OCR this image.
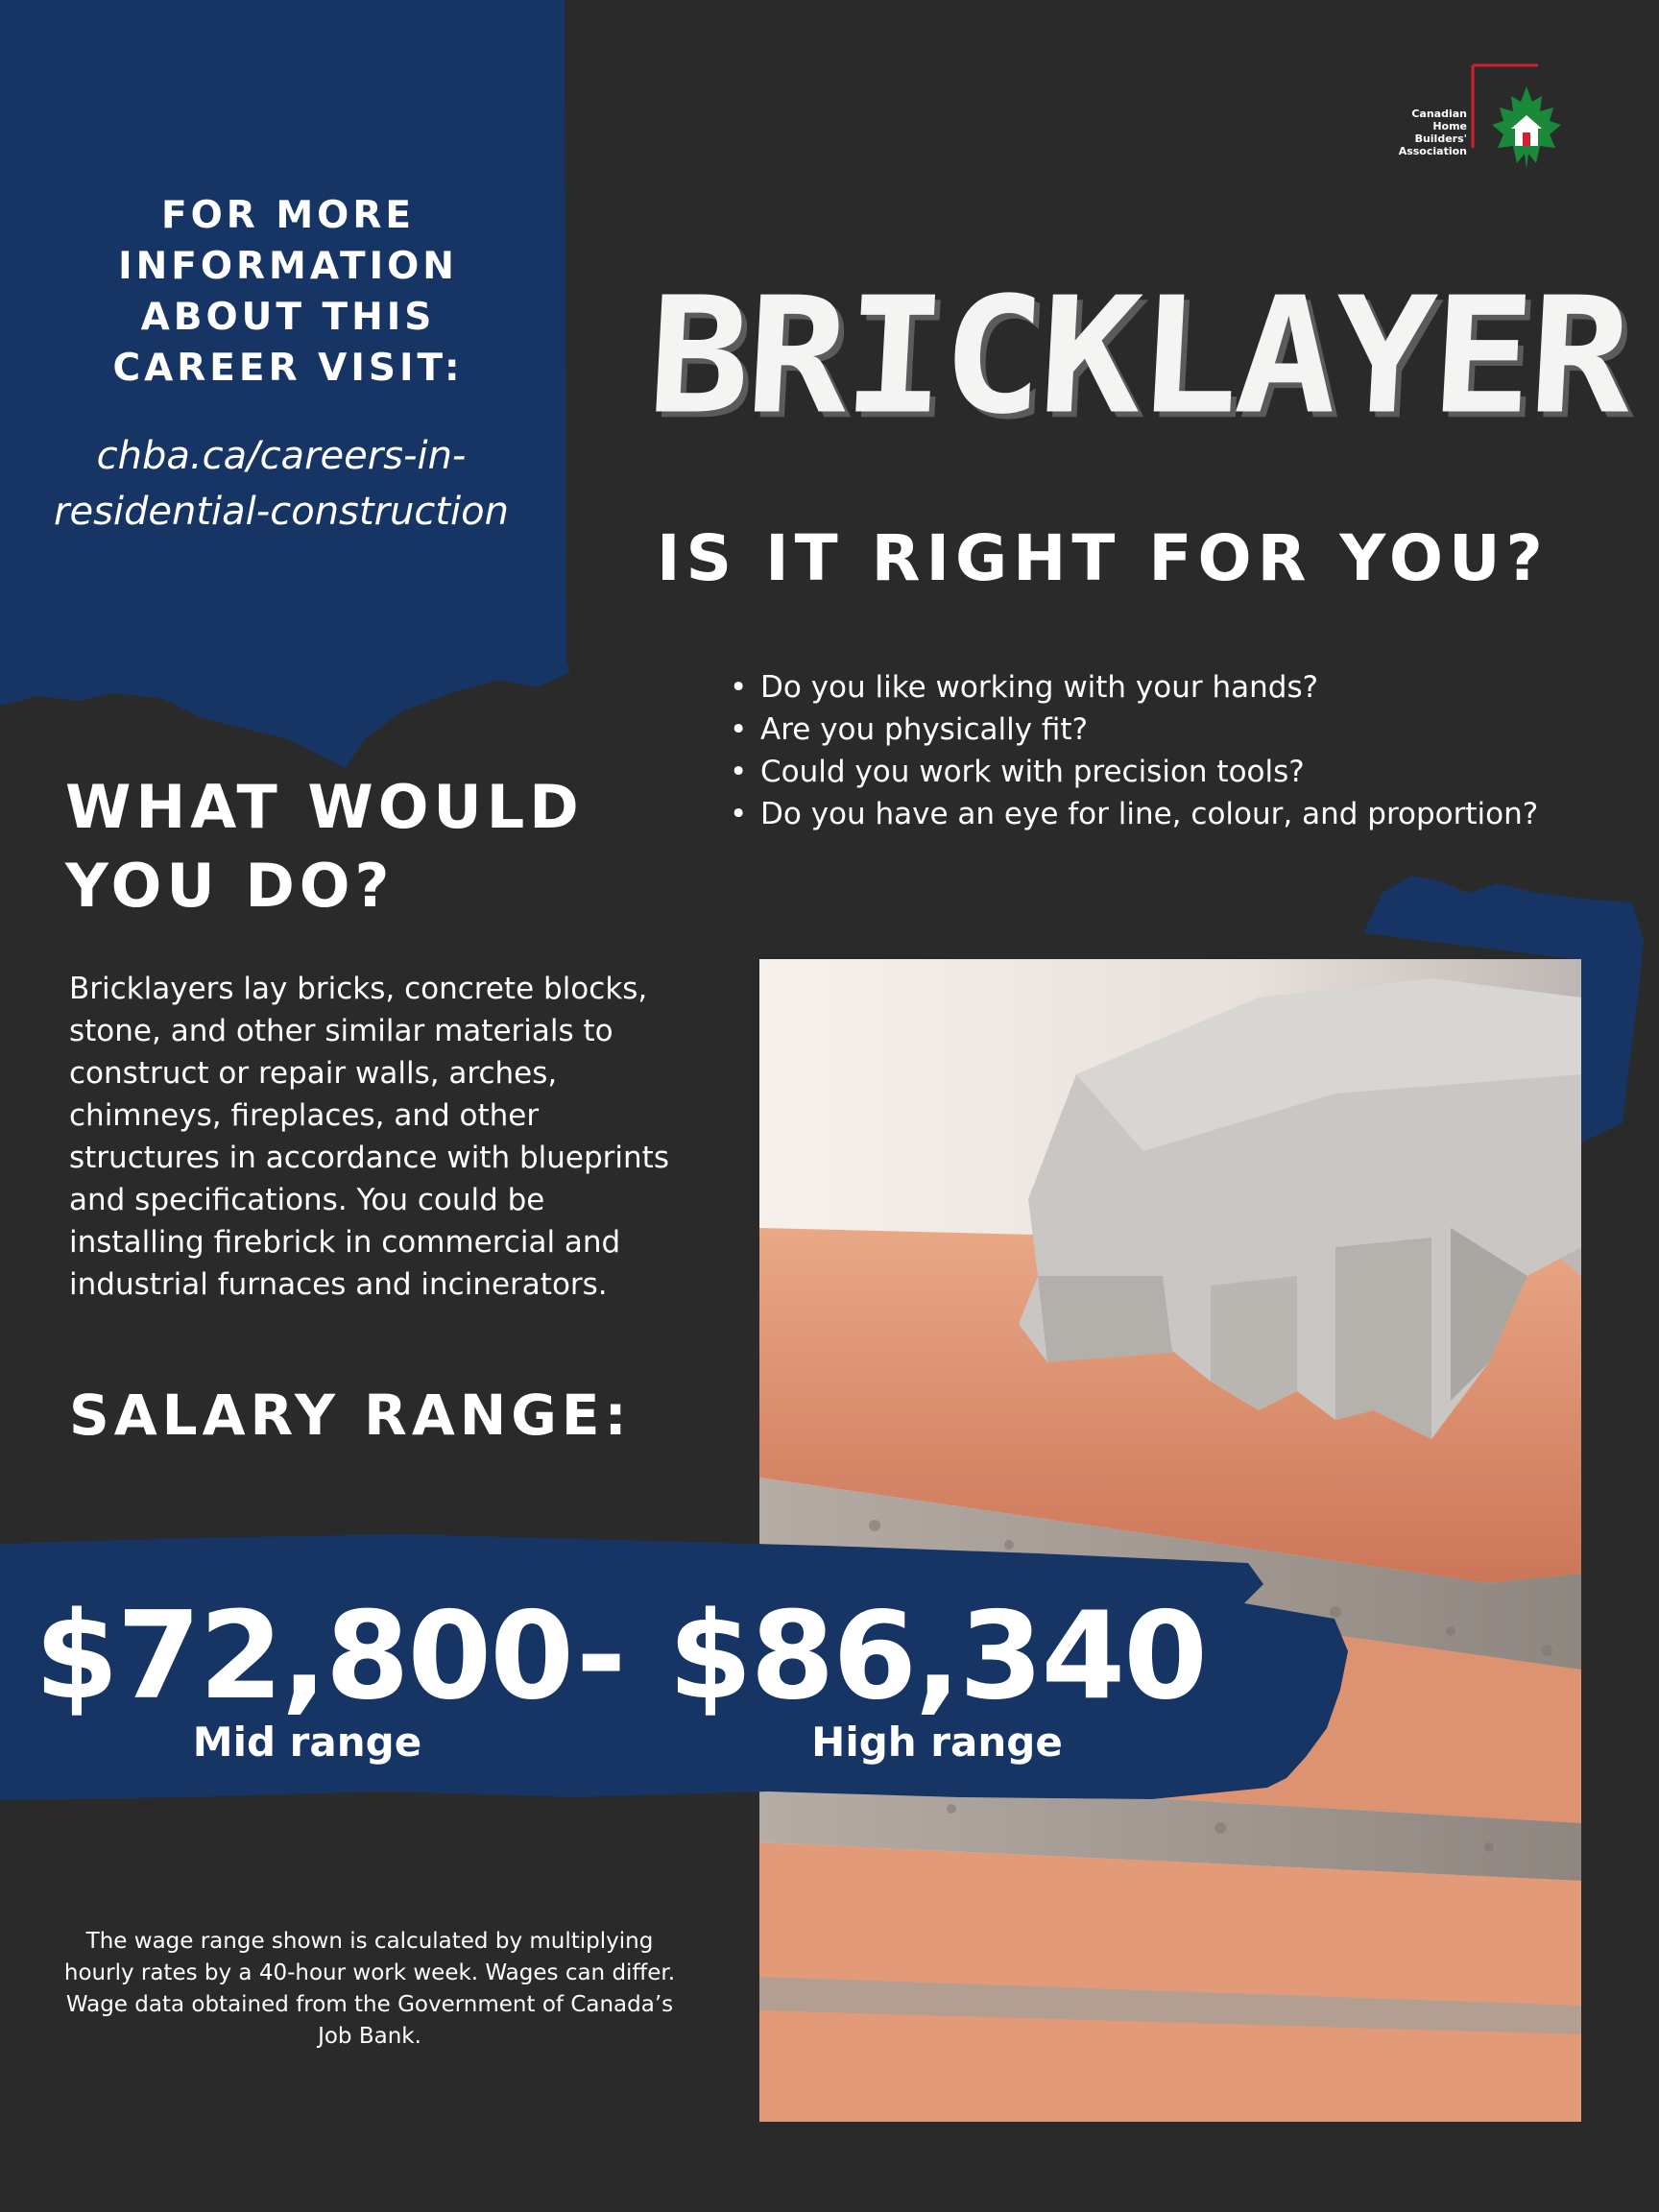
FOR MORE
INFORMATION
ABOUT THIS
CAREER VISIT:
chba.ca/careers-in-
residential-construction
Canadian
Home Builders'
Association
BRICKLAYER
IS IT RIGHT FOR YOU?
• Do you like working with your hands?
• Are you physically fit?
• Could you work with precision tools?
• Do you have an eye for line, colour, and proportion?
WHAT WOULD
YOU DO?
Bricklayers lay bricks, concrete blocks, stone, and other similar materials to construct or repair walls, arches, chimneys, fireplaces, and other structures in accordance with blueprints and specifications. You could be installing firebrick in commercial and industrial furnaces and incinerators.
SALARY RANGE:
$72,800 - $86,340
Mid range	High range
The wage range shown is calculated by multiplying hourly rates by a 40-hour work week. Wages can differ. Wage data obtained from the Government of Canada’s Job Bank.
